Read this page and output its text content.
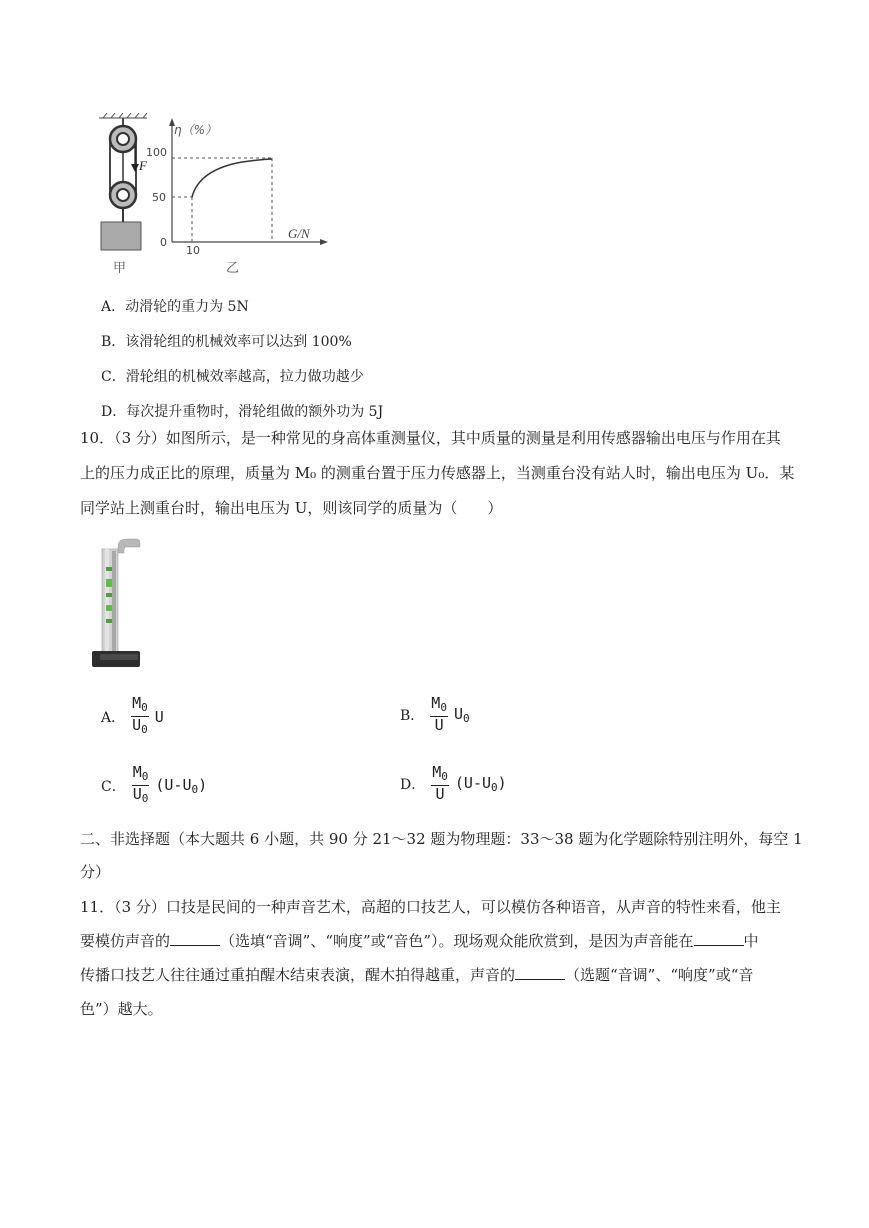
F
甲
η（%）
100
50
0
10
G/N
乙
A．动滑轮的重力为 5N
B．该滑轮组的机械效率可以达到 100%
C．滑轮组的机械效率越高，拉力做功越少
D．每次提升重物时，滑轮组做的额外功为 5J
10．（3 分）如图所示，是一种常见的身高体重测量仪，其中质量的测量是利用传感器输出电压与作用在其
上的压力成正比的原理，质量为 M₀ 的测重台置于压力传感器上，当测重台没有站人时，输出电压为 U₀．某
同学站上测重台时，输出电压为 U，则该同学的质量为（　　）
A． $\frac{M_0}{U_0}$ U	B． $\frac{M_0}{U} U_0$
C． $\frac{M_0}{U_0} (U-U_0)$	D． $\frac{M_0}{U} (U-U_0)$
二、非选择题（本大题共 6 小题，共 90 分 21～32 题为物理题：33～38 题为化学题除特别注明外，每空 1
分）
11．（3 分）口技是民间的一种声音艺术，高超的口技艺人，可以模仿各种语音，从声音的特性来看，他主
要模仿声音的	（选填“音调”、“响度”或“音色”）。现场观众能欣赏到，是因为声音能在	中
传播口技艺人往往通过重拍醒木结束表演，醒木拍得越重，声音的	（选题“音调”、“响度”或“音
色”）越大。
